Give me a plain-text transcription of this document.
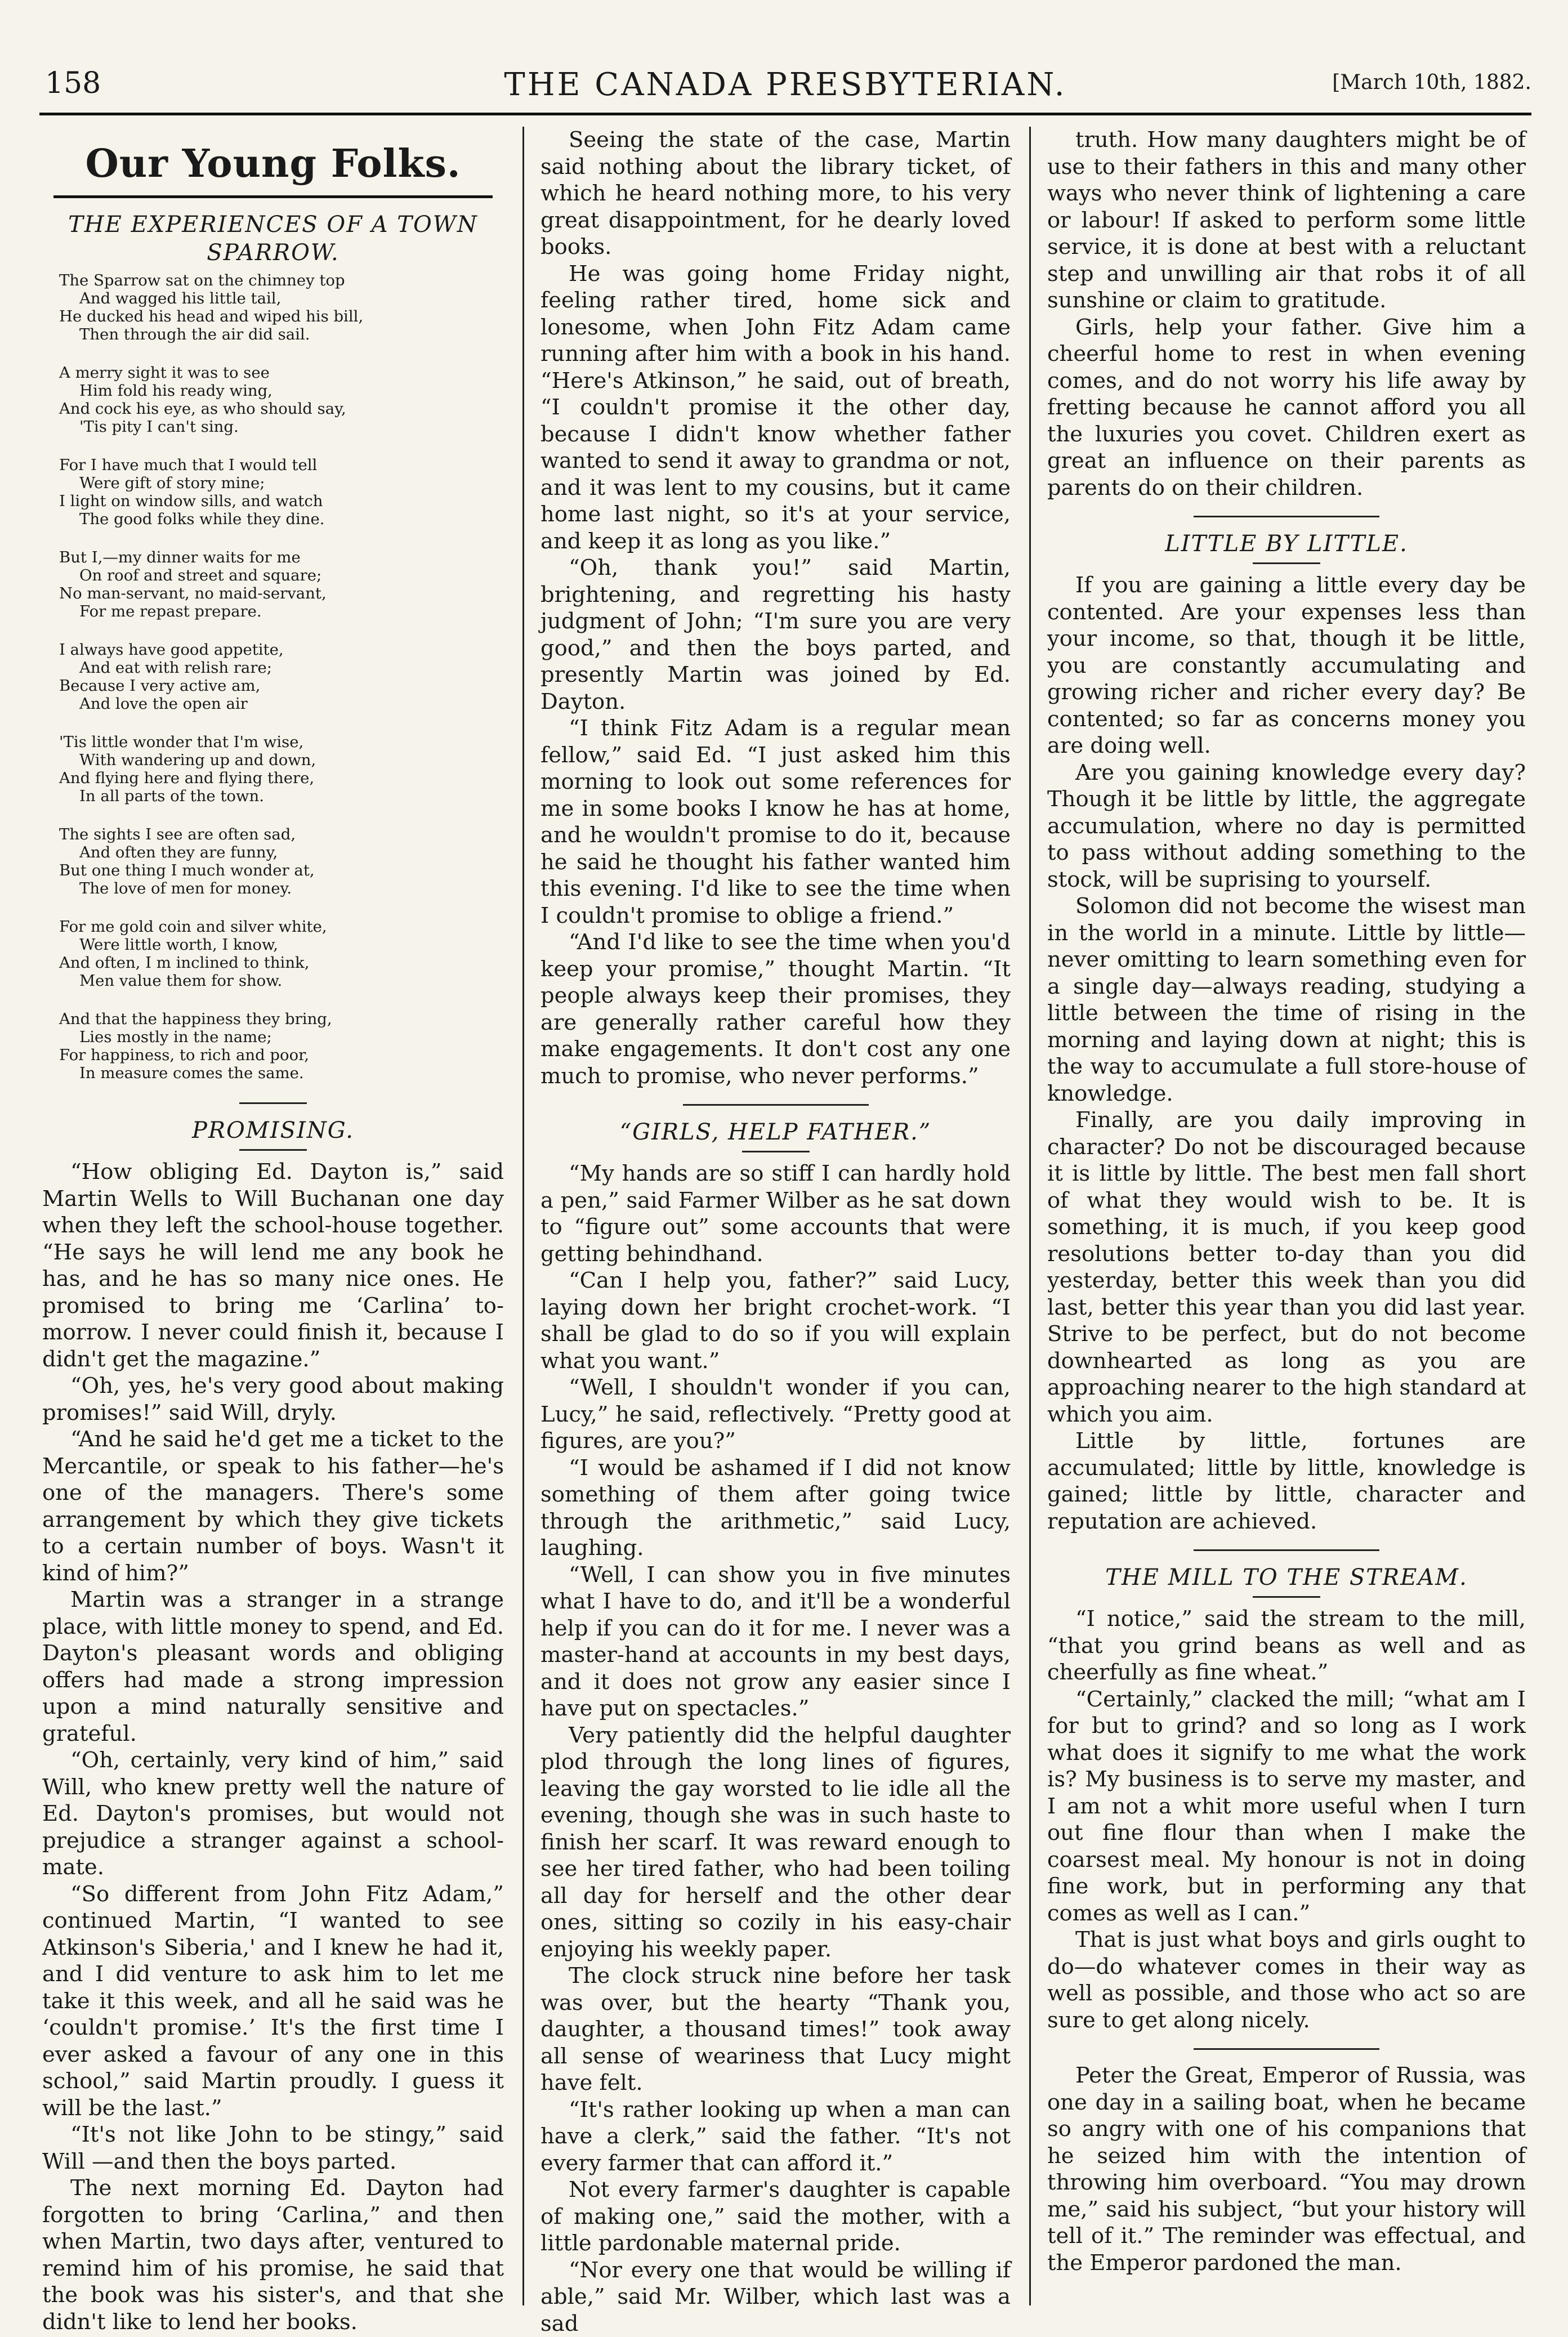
158	THE CANADA PRESBYTERIAN.	[March 10th, 1882.
Our Young Folks.
THE EXPERIENCES OF A TOWN SPARROW.
The Sparrow sat on the chimney top
And wagged his little tail,
He ducked his head and wiped his bill,
Then through the air did sail.
A merry sight it was to see
Him fold his ready wing,
And cock his eye, as who should say,
'Tis pity I can't sing.
For I have much that I would tell
Were gift of story mine;
I light on window sills, and watch
The good folks while they dine.
But I,—my dinner waits for me
On roof and street and square;
No man-servant, no maid-servant,
For me repast prepare.
I always have good appetite,
And eat with relish rare;
Because I very active am,
And love the open air
'Tis little wonder that I'm wise,
With wandering up and down,
And flying here and flying there,
In all parts of the town.
The sights I see are often sad,
And often they are funny,
But one thing I much wonder at,
The love of men for money.
For me gold coin and silver white,
Were little worth, I know,
And often, I m inclined to think,
Men value them for show.
And that the happiness they bring,
Lies mostly in the name;
For happiness, to rich and poor,
In measure comes the same.
PROMISING.

“How obliging Ed. Dayton is,” said Martin Wells to Will Buchanan one day when they left the school-house together. “He says he will lend me any book he has, and he has so many nice ones. He promised to bring me ‘Carlina’ to-morrow. I never could finish it, because I didn't get the magazine.”

“Oh, yes, he's very good about making promises!” said Will, dryly.

“And he said he'd get me a ticket to the Mercantile, or speak to his father—he's one of the managers. There's some arrangement by which they give tickets to a certain number of boys. Wasn't it kind of him?”

Martin was a stranger in a strange place, with little money to spend, and Ed. Dayton's pleasant words and obliging offers had made a strong impression upon a mind naturally sensitive and grateful.

“Oh, certainly, very kind of him,” said Will, who knew pretty well the nature of Ed. Dayton's promises, but would not prejudice a stranger against a school-mate.

“So different from John Fitz Adam,” continued Martin, “I wanted to see Atkinson's Siberia,' and I knew he had it, and I did venture to ask him to let me take it this week, and all he said was he ‘couldn't promise.’ It's the first time I ever asked a favour of any one in this school,” said Martin proudly. I guess it will be the last.”

“It's not like John to be stingy,” said Will —and then the boys parted.

The next morning Ed. Dayton had forgotten to bring ‘Carlina,” and then when Martin, two days after, ventured to remind him of his promise, he said that the book was his sister's, and that she didn't like to lend her books.

Seeing the state of the case, Martin said nothing about the library ticket, of which he heard nothing more, to his very great disappointment, for he dearly loved books.

He was going home Friday night, feeling rather tired, home sick and lonesome, when John Fitz Adam came running after him with a book in his hand. “Here's Atkinson,” he said, out of breath, “I couldn't promise it the other day, because I didn't know whether father wanted to send it away to grandma or not, and it was lent to my cousins, but it came home last night, so it's at your service, and keep it as long as you like.”

“Oh, thank you!” said Martin, brightening, and regretting his hasty judgment of John; “I'm sure you are very good,” and then the boys parted, and presently Martin was joined by Ed. Dayton.

“I think Fitz Adam is a regular mean fellow,” said Ed. “I just asked him this morning to look out some references for me in some books I know he has at home, and he wouldn't promise to do it, because he said he thought his father wanted him this evening. I'd like to see the time when I couldn't promise to oblige a friend.”

“And I'd like to see the time when you'd keep your promise,” thought Martin. “It people always keep their promises, they are generally rather careful how they make engagements. It don't cost any one much to promise, who never performs.”

“GIRLS, HELP FATHER.”

“My hands are so stiff I can hardly hold a pen,” said Farmer Wilber as he sat down to “figure out” some accounts that were getting behindhand.

“Can I help you, father?” said Lucy, laying down her bright crochet-work. “I shall be glad to do so if you will explain what you want.”

“Well, I shouldn't wonder if you can, Lucy,” he said, reflectively. “Pretty good at figures, are you?”

“I would be ashamed if I did not know something of them after going twice through the arithmetic,” said Lucy, laughing.

“Well, I can show you in five minutes what I have to do, and it'll be a wonderful help if you can do it for me. I never was a master-hand at accounts in my best days, and it does not grow any easier since I have put on spectacles.”

Very patiently did the helpful daughter plod through the long lines of figures, leaving the gay worsted to lie idle all the evening, though she was in such haste to finish her scarf. It was reward enough to see her tired father, who had been toiling all day for herself and the other dear ones, sitting so cozily in his easy-chair enjoying his weekly paper.

The clock struck nine before her task was over, but the hearty “Thank you, daughter, a thousand times!” took away all sense of weariness that Lucy might have felt.

“It's rather looking up when a man can have a clerk,” said the father. “It's not every farmer that can afford it.”

Not every farmer's daughter is capable of making one,” said the mother, with a little pardonable maternal pride.

“Nor every one that would be willing if able,” said Mr. Wilber, which last was a sad

truth. How many daughters might be of use to their fathers in this and many other ways who never think of lightening a care or labour! If asked to perform some little service, it is done at best with a reluctant step and unwilling air that robs it of all sunshine or claim to gratitude.

Girls, help your father. Give him a cheerful home to rest in when evening comes, and do not worry his life away by fretting because he cannot afford you all the luxuries you covet. Children exert as great an influence on their parents as parents do on their children.

LITTLE BY LITTLE.

If you are gaining a little every day be contented. Are your expenses less than your income, so that, though it be little, you are constantly accumulating and growing richer and richer every day? Be contented; so far as concerns money you are doing well.

Are you gaining knowledge every day? Though it be little by little, the aggregate accumulation, where no day is permitted to pass without adding something to the stock, will be suprising to yourself.

Solomon did not become the wisest man in the world in a minute. Little by little—never omitting to learn something even for a single day—always reading, studying a little between the time of rising in the morning and laying down at night; this is the way to accumulate a full store-house of knowledge.

Finally, are you daily improving in character? Do not be discouraged because it is little by little. The best men fall short of what they would wish to be. It is something, it is much, if you keep good resolutions better to-day than you did yesterday, better this week than you did last, better this year than you did last year. Strive to be perfect, but do not become downhearted as long as you are approaching nearer to the high standard at which you aim.

Little by little, fortunes are accumulated; little by little, knowledge is gained; little by little, character and reputation are achieved.

THE MILL TO THE STREAM.

“I notice,” said the stream to the mill, “that you grind beans as well and as cheerfully as fine wheat.”

“Certainly,” clacked the mill; “what am I for but to grind? and so long as I work what does it signify to me what the work is? My business is to serve my master, and I am not a whit more useful when I turn out fine flour than when I make the coarsest meal. My honour is not in doing fine work, but in performing any that comes as well as I can.”

That is just what boys and girls ought to do—do whatever comes in their way as well as possible, and those who act so are sure to get along nicely.

Peter the Great, Emperor of Russia, was one day in a sailing boat, when he became so angry with one of his companions that he seized him with the intention of throwing him overboard. “You may drown me,” said his subject, “but your history will tell of it.” The reminder was effectual, and the Emperor pardoned the man.
